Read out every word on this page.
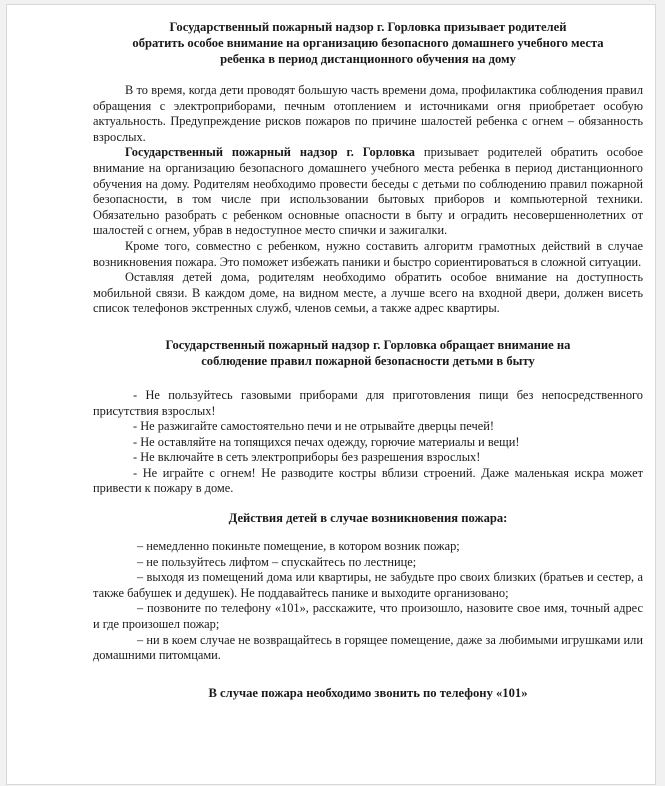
Государственный пожарный надзор г. Горловка призывает родителей
обратить особое внимание на организацию безопасного домашнего учебного места
ребенка в период дистанционного обучения на дому

В то время, когда дети проводят большую часть времени дома, профилактика соблюдения правил обращения с электроприборами, печным отоплением и источниками огня приобретает особую актуальность. Предупреждение рисков пожаров по причине шалостей ребенка с огнем – обязанность взрослых.

Государственный пожарный надзор г. Горловка призывает родителей обратить особое внимание на организацию безопасного домашнего учебного места ребенка в период дистанционного обучения на дому. Родителям необходимо провести беседы с детьми по соблюдению правил пожарной безопасности, в том числе при использовании бытовых приборов и компьютерной техники. Обязательно разобрать с ребенком основные опасности в быту и оградить несовершеннолетних от шалостей с огнем, убрав в недоступное место спички и зажигалки.

Кроме того, совместно с ребенком, нужно составить алгоритм грамотных действий в случае возникновения пожара. Это поможет избежать паники и быстро сориентироваться в сложной ситуации.

Оставляя детей дома, родителям необходимо обратить особое внимание на доступность мобильной связи. В каждом доме, на видном месте, а лучше всего на входной двери, должен висеть список телефонов экстренных служб, членов семьи, а также адрес квартиры.

Государственный пожарный надзор г. Горловка обращает внимание на
соблюдение правил пожарной безопасности детьми в быту

- Не пользуйтесь газовыми приборами для приготовления пищи без непосредственного присутствия взрослых!

- Не разжигайте самостоятельно печи и не отрывайте дверцы печей!

- Не оставляйте на топящихся печах одежду, горючие материалы и вещи!

- Не включайте в сеть электроприборы без разрешения взрослых!

- Не играйте с огнем! Не разводите костры вблизи строений. Даже маленькая искра может привести к пожару в доме.

Действия детей в случае возникновения пожара:

– немедленно покиньте помещение, в котором возник пожар;

– не пользуйтесь лифтом – спускайтесь по лестнице;

– выходя из помещений дома или квартиры, не забудьте про своих близких (братьев и сестер, а также бабушек и дедушек). Не поддавайтесь панике и выходите организовано;

– позвоните по телефону «101», расскажите, что произошло, назовите свое имя, точный адрес и где произошел пожар;

– ни в коем случае не возвращайтесь в горящее помещение, даже за любимыми игрушками или домашними питомцами.

В случае пожара необходимо звонить по телефону «101»
